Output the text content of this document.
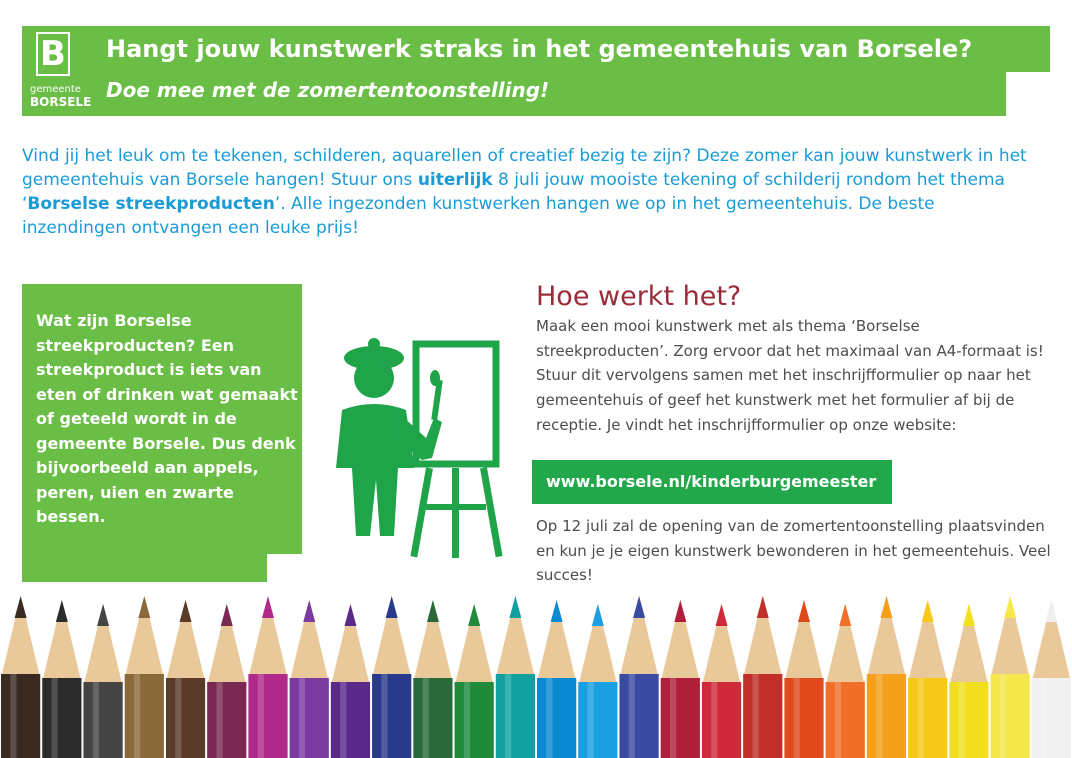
B
gemeente
BORSELE
Hangt jouw kunstwerk straks in het gemeentehuis van Borsele?
Doe mee met de zomertentoonstelling!
Vind jij het leuk om te tekenen, schilderen, aquarellen of creatief bezig te zijn? Deze zomer kan jouw kunstwerk in het gemeentehuis van Borsele hangen! Stuur ons uiterlijk 8 juli jouw mooiste tekening of schilderij rondom het thema ‘Borselse streekproducten’. Alle ingezonden kunstwerken hangen we op in het gemeentehuis. De beste inzendingen ontvangen een leuke prijs!
Wat zijn Borselse streekproducten? Een streekproduct is iets van eten of drinken wat gemaakt of geteeld wordt in de gemeente Borsele. Dus denk bijvoorbeeld aan appels, peren, uien en zwarte bessen.
Hoe werkt het?
Maak een mooi kunstwerk met als thema ‘Borselse streekproducten’. Zorg ervoor dat het maximaal van A4-formaat is! Stuur dit vervolgens samen met het inschrijfformulier op naar het gemeentehuis of geef het kunstwerk met het formulier af bij de receptie. Je vindt het inschrijfformulier op onze website:
www.borsele.nl/kinderburgemeester
Op 12 juli zal de opening van de zomertentoonstelling plaatsvinden en kun je je eigen kunstwerk bewonderen in het gemeentehuis. Veel succes!
